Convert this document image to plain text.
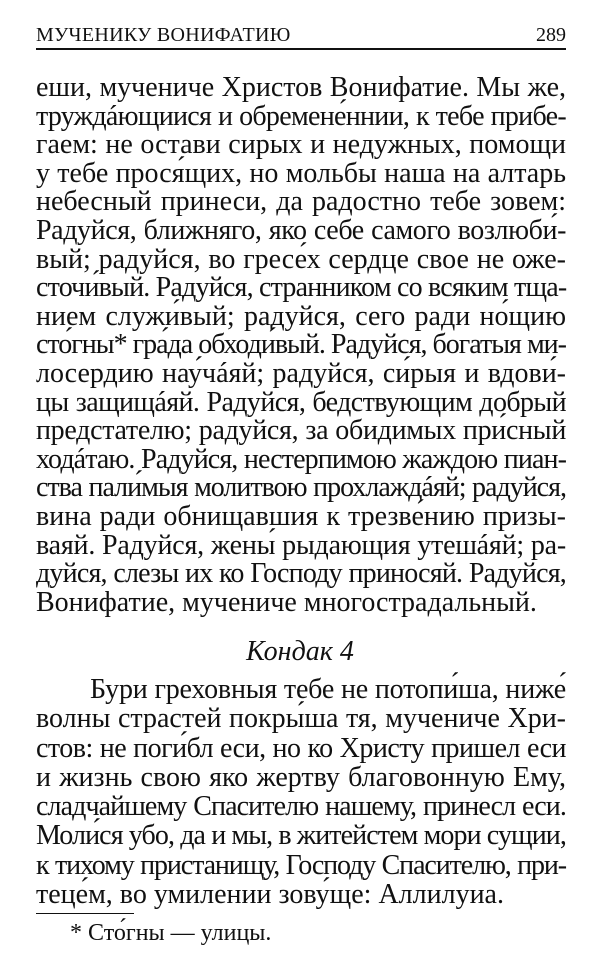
МУЧЕНИКУ ВОНИФАТИЮ	289
еши, мучениче Христов Вонифатие. Мы же,
труждáющиися и обремене́ннии, к тебе прибе-
гаем: не остави сирых и недужных, помощи
у тебе прося́щих, но мольбы наша на алтарь
небесный принеси, да радостно тебе зовем:
Радуйся, ближняго, яко себе самого возлюби́-
вый; радуйся, во гресе́х сердце свое не оже-
сточи́вый. Радуйся, странником со всяким тща-
нием служи́вый; радуйся, сего ради но́щию
сто́гны* гра́да обходи́вый. Радуйся, богатыя ми-
лосердию нау́чáяй; радуйся, си́рыя и вдови́-
цы защищáяй. Радуйся, бедствующим добрый
предстателю; радуйся, за обидимых при́сный
ходáтаю. Радуйся, нестерпимою жаждою пиан-
ства пали́мыя молитвою прохлаждáяй; радуйся,
вина ради обнищавшия к трезве́нию призы-
ваяй. Радуйся, жены́ рыдающия утешáяй; ра-
дуйся, слезы их ко Господу приносяй. Радуйся,
Вонифатие, мучениче многострадальный.
Кондак 4
Бури греховныя тебе не потопи́ша, ниже́
волны страстей покры́ша тя, мучениче Хри-
стов: не поги́бл еси, но ко Христу пришел еси
и жизнь свою яко жертву благовонную Ему,
сладчайшему Спасителю нашему, принесл еси.
Моли́ся убо, да и мы, в житейстем мори сущии,
к тихому пристанищу, Господу Спасителю, при-
теце́м, во умилении зову́ще: Аллилуиа.
* Сто́гны — улицы.
